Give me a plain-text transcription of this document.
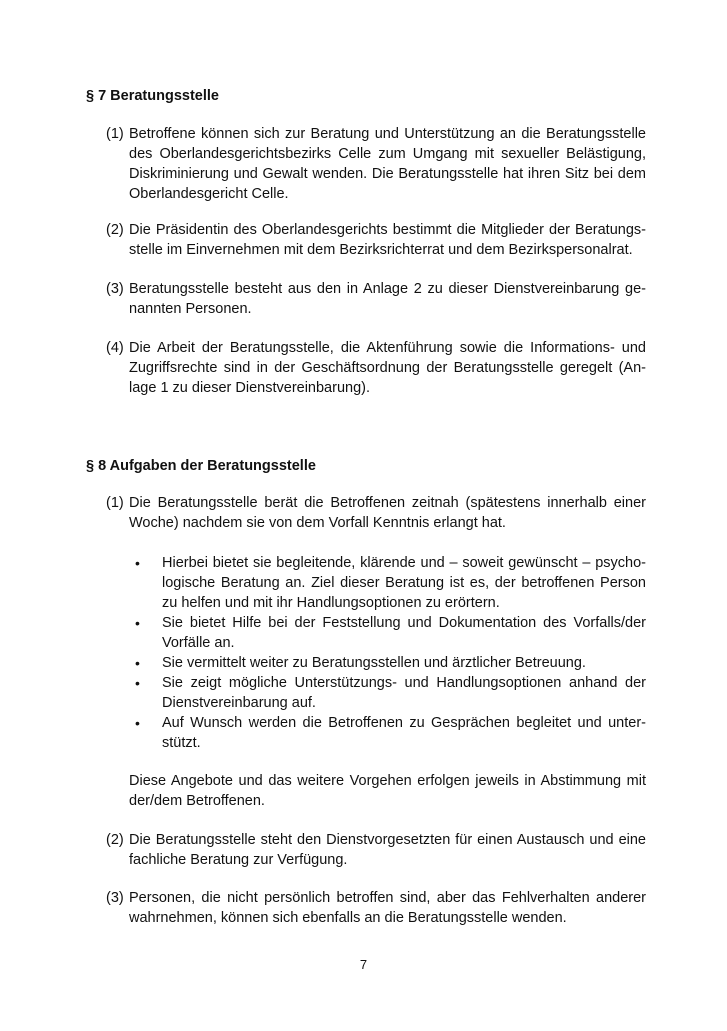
§ 7 Beratungsstelle

(1) Betroffene können sich zur Beratung und Unterstützung an die Beratungsstelle des Oberlandesgerichtsbezirks Celle zum Umgang mit sexueller Belästigung, Diskriminierung und Gewalt wenden. Die Beratungsstelle hat ihren Sitz bei dem Oberlandesgericht Celle.

(2) Die Präsidentin des Oberlandesgerichts bestimmt die Mitglieder der Beratungsstelle im Einvernehmen mit dem Bezirksrichterrat und dem Bezirkspersonalrat.

(3) Beratungsstelle besteht aus den in Anlage 2 zu dieser Dienstvereinbarung genannten Personen.

(4) Die Arbeit der Beratungsstelle, die Aktenführung sowie die Informations- und Zugriffsrechte sind in der Geschäftsordnung der Beratungsstelle geregelt (Anlage 1 zu dieser Dienstvereinbarung).

§ 8 Aufgaben der Beratungsstelle

(1) Die Beratungsstelle berät die Betroffenen zeitnah (spätestens innerhalb einer Woche) nachdem sie von dem Vorfall Kenntnis erlangt hat.

• Hierbei bietet sie begleitende, klärende und – soweit gewünscht – psychologische Beratung an. Ziel dieser Beratung ist es, der betroffenen Person zu helfen und mit ihr Handlungsoptionen zu erörtern.
• Sie bietet Hilfe bei der Feststellung und Dokumentation des Vorfalls/der Vorfälle an.
• Sie vermittelt weiter zu Beratungsstellen und ärztlicher Betreuung.
• Sie zeigt mögliche Unterstützungs- und Handlungsoptionen anhand der Dienstvereinbarung auf.
• Auf Wunsch werden die Betroffenen zu Gesprächen begleitet und unterstützt.

Diese Angebote und das weitere Vorgehen erfolgen jeweils in Abstimmung mit der/dem Betroffenen.

(2) Die Beratungsstelle steht den Dienstvorgesetzten für einen Austausch und eine fachliche Beratung zur Verfügung.

(3) Personen, die nicht persönlich betroffen sind, aber das Fehlverhalten anderer wahrnehmen, können sich ebenfalls an die Beratungsstelle wenden.

7
